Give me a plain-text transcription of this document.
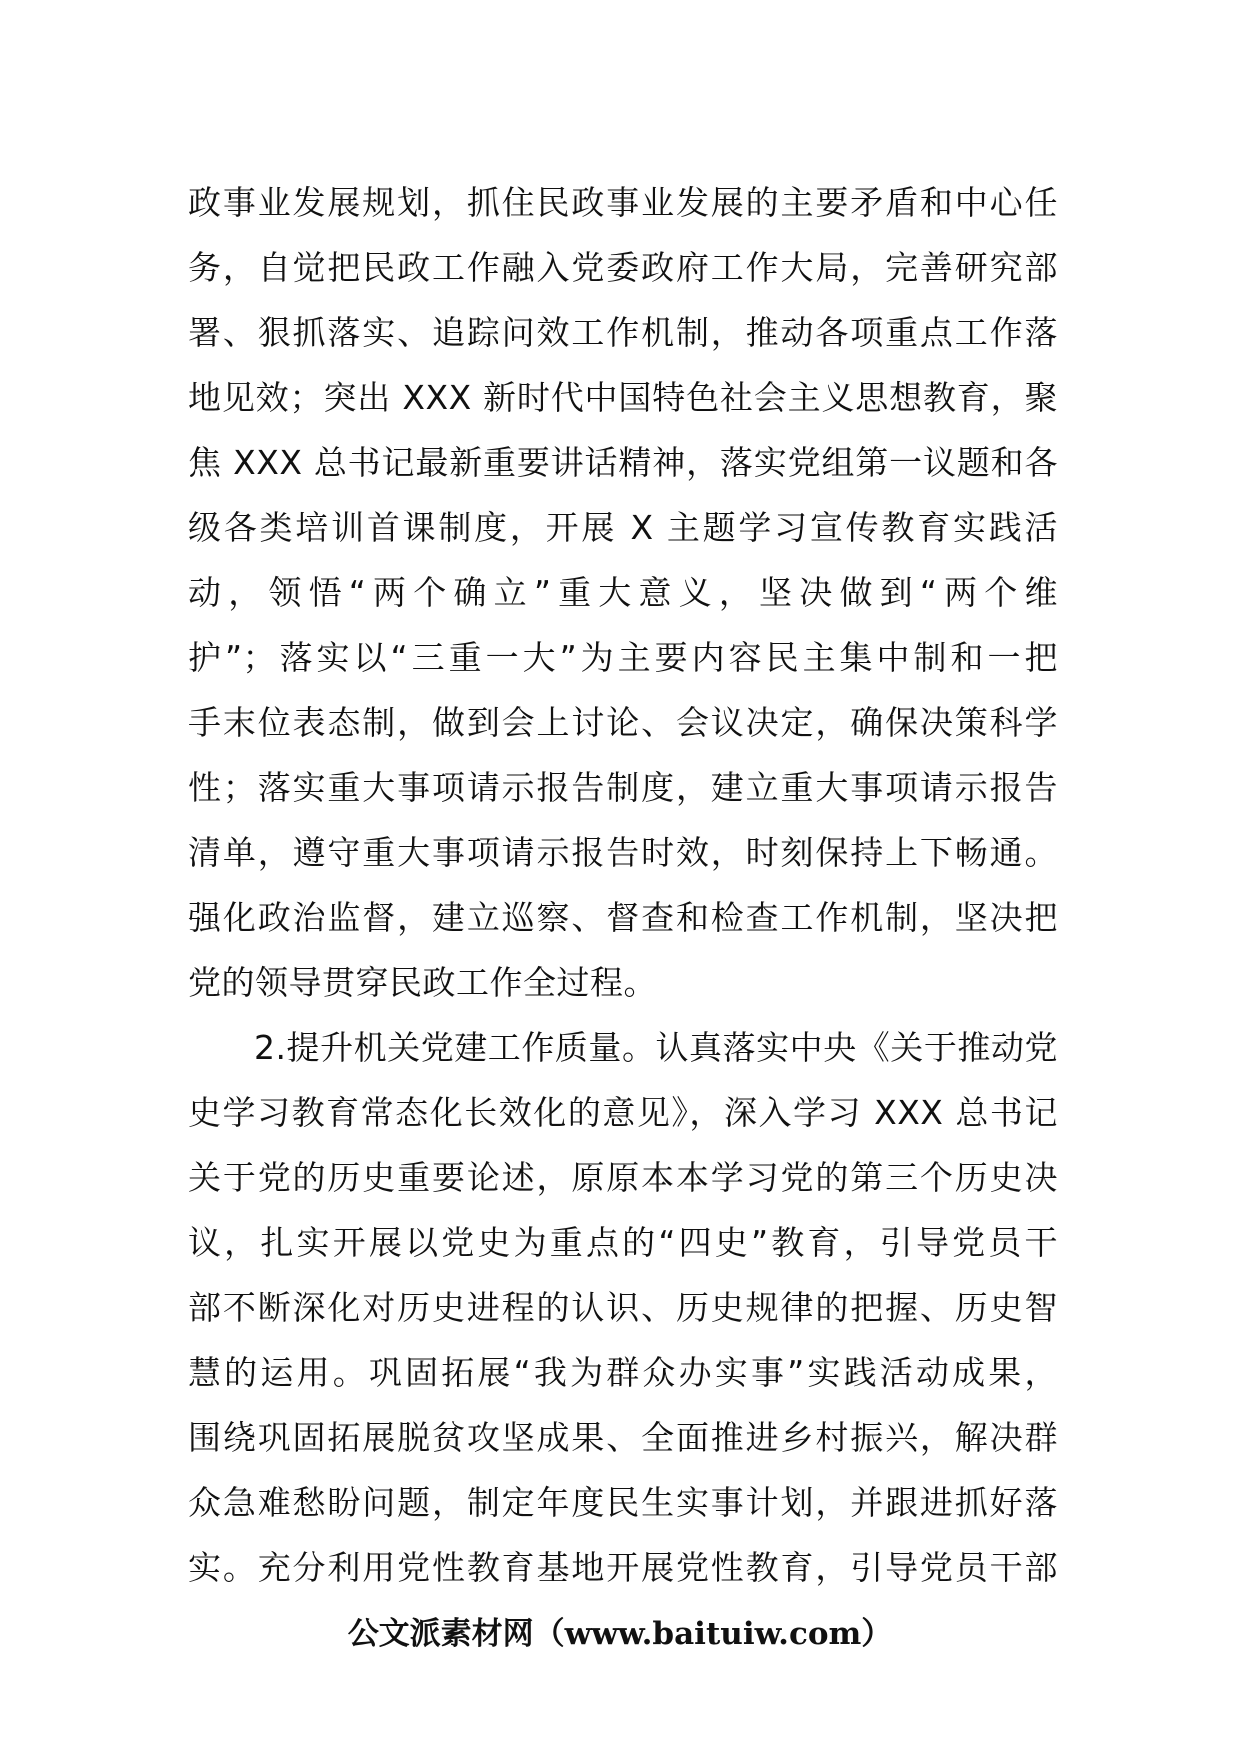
政事业发展规划，抓住民政事业发展的主要矛盾和中心任
务，自觉把民政工作融入党委政府工作大局，完善研究部
署、狠抓落实、追踪问效工作机制，推动各项重点工作落
地见效；突出 XXX 新时代中国特色社会主义思想教育，聚
焦 XXX 总书记最新重要讲话精神，落实党组第一议题和各
级各类培训首课制度，开展 X 主题学习宣传教育实践活
动，领悟“两个确立”重大意义，坚决做到“两个维
护”；落实以“三重一大”为主要内容民主集中制和一把
手末位表态制，做到会上讨论、会议决定，确保决策科学
性；落实重大事项请示报告制度，建立重大事项请示报告
清单，遵守重大事项请示报告时效，时刻保持上下畅通。
强化政治监督，建立巡察、督查和检查工作机制，坚决把
党的领导贯穿民政工作全过程。
2.提升机关党建工作质量。认真落实中央《关于推动党
史学习教育常态化长效化的意见》，深入学习 XXX 总书记
关于党的历史重要论述，原原本本学习党的第三个历史决
议，扎实开展以党史为重点的“四史”教育，引导党员干
部不断深化对历史进程的认识、历史规律的把握、历史智
慧的运用。巩固拓展“我为群众办实事”实践活动成果，
围绕巩固拓展脱贫攻坚成果、全面推进乡村振兴，解决群
众急难愁盼问题，制定年度民生实事计划，并跟进抓好落
实。充分利用党性教育基地开展党性教育，引导党员干部
公文派素材网（www.baituiw.com）
